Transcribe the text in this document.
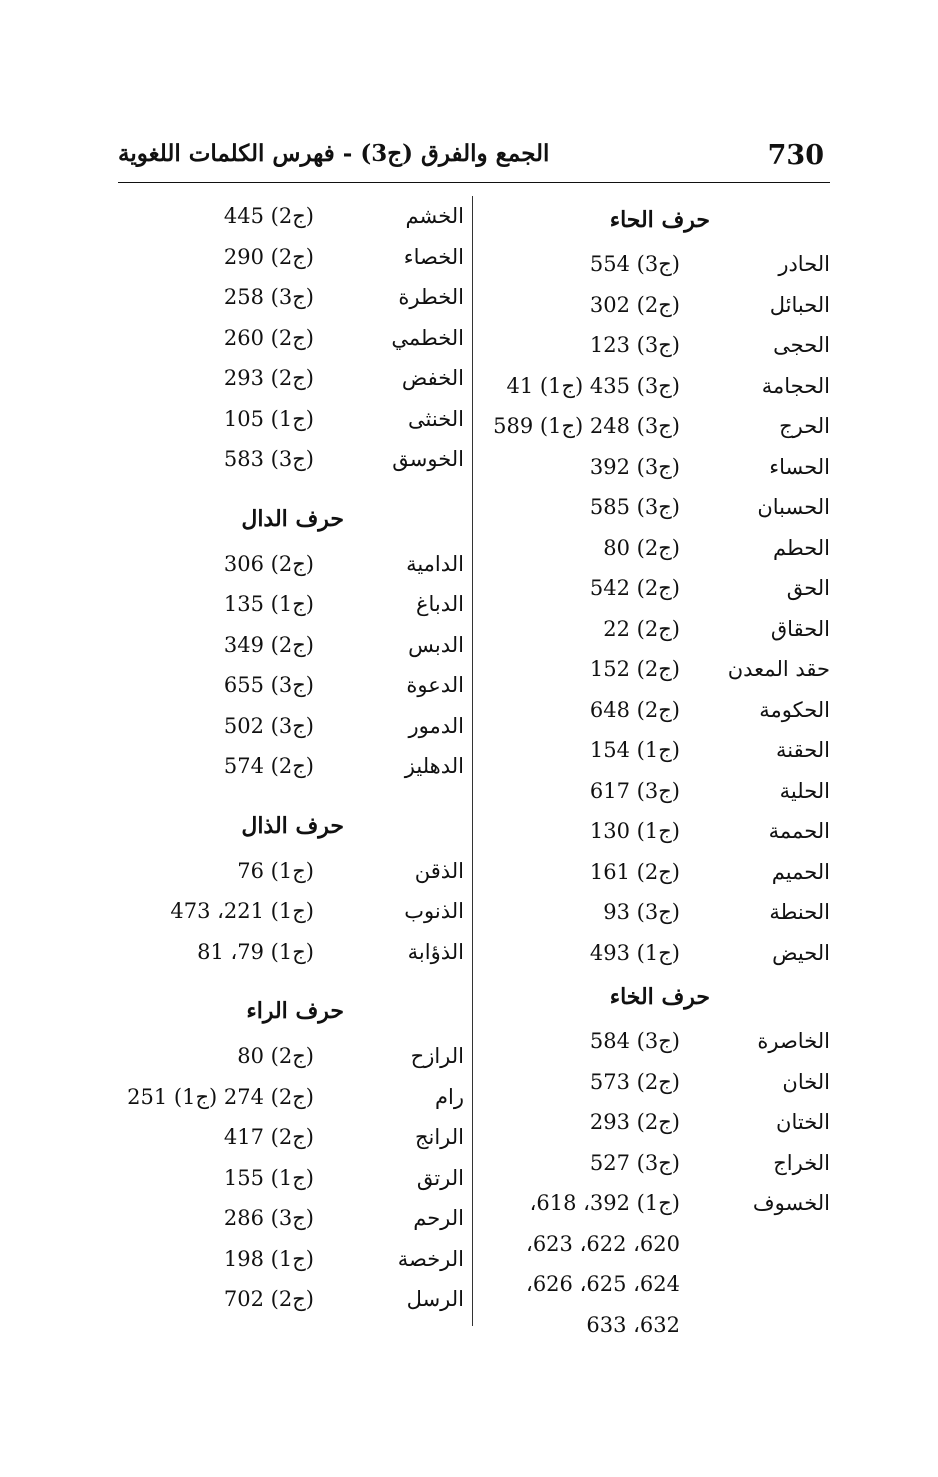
730
الجمع والفرق (ج3) - فهرس الكلمات اللغوية
حرف الحاء
الحادر
(ج3) 554
الحبائل
(ج2) 302
الحجى
(ج3) 123
الحجامة
(ج3) 435 (ج1) 41
الحرج
(ج3) 248 (ج1) 589
الحساء
(ج3) 392
الحسبان
(ج3) 585
الحطم
(ج2) 80
الحق
(ج2) 542
الحقاق
(ج2) 22
حقد المعدن
(ج2) 152
الحكومة
(ج2) 648
الحقنة
(ج1) 154
الحلية
(ج3) 617
الحممة
(ج1) 130
الحميم
(ج2) 161
الحنطة
(ج3) 93
الحيض
(ج1) 493
حرف الخاء
الخاصرة
(ج3) 584
الخان
(ج2) 573
الختان
(ج2) 293
الخراج
(ج3) 527
الخسوف
(ج1) 392، 618،
620، 622، 623،
624، 625، 626،
632، 633
الخشم
(ج2) 445
الخصاء
(ج2) 290
الخطرة
(ج3) 258
الخطمي
(ج2) 260
الخفض
(ج2) 293
الخنثى
(ج1) 105
الخوسق
(ج3) 583
حرف الدال
الدامية
(ج2) 306
الدباغ
(ج1) 135
الدبس
(ج2) 349
الدعوة
(ج3) 655
الدمور
(ج3) 502
الدهليز
(ج2) 574
حرف الذال
الذقن
(ج1) 76
الذنوب
(ج1) 221، 473
الذؤابة
(ج1) 79، 81
حرف الراء
الرازح
(ج2) 80
رام
(ج2) 274 (ج1) 251
الرانج
(ج2) 417
الرتق
(ج1) 155
الرحم
(ج3) 286
الرخصة
(ج1) 198
الرسل
(ج2) 702
